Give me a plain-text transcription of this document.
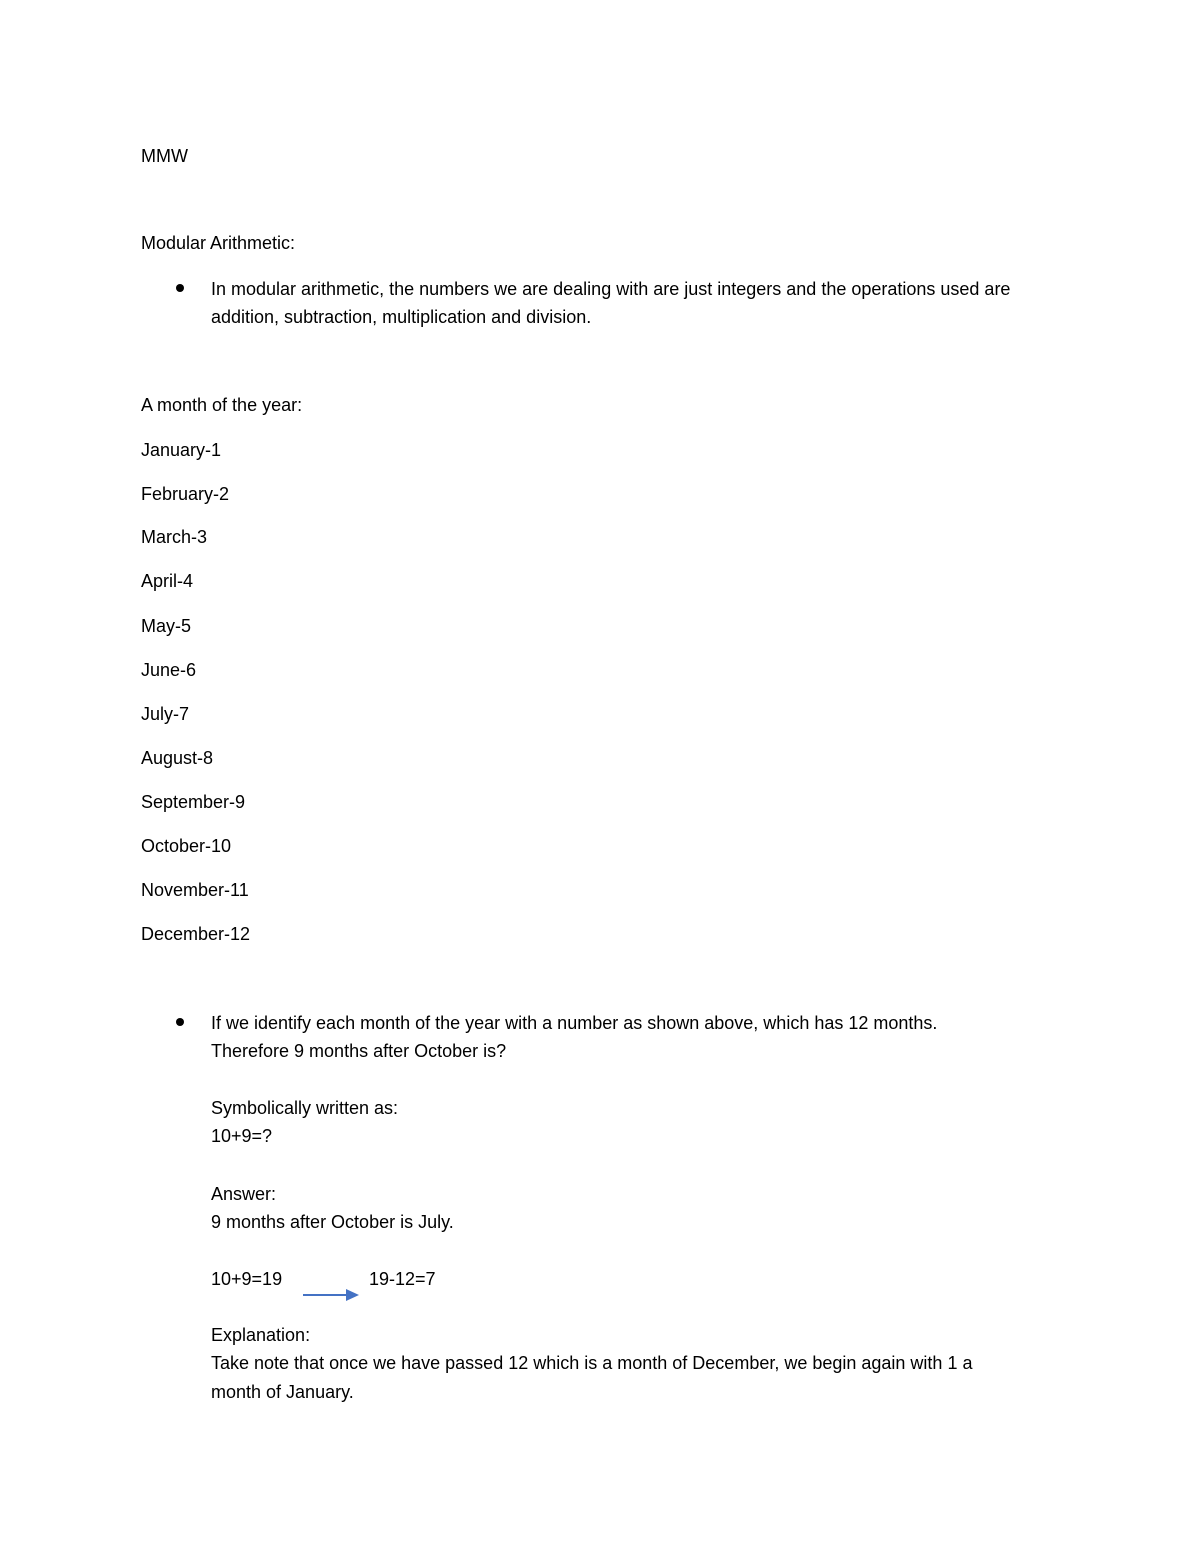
MMW
Modular Arithmetic:

In modular arithmetic, the numbers we are dealing with are just integers and the operations used are addition, subtraction, multiplication and division.

A month of the year:
January-1
February-2
March-3
April-4
May-5
June-6
July-7
August-8
September-9
October-10
November-11
December-12
If we identify each month of the year with a number as shown above, which has 12 months.
Therefore 9 months after October is?
Symbolically written as:
10+9=?
Answer:
9 months after October is July.
10+9=19	19-12=7
Explanation:
Take note that once we have passed 12 which is a month of December, we begin again with 1 a
month of January.
